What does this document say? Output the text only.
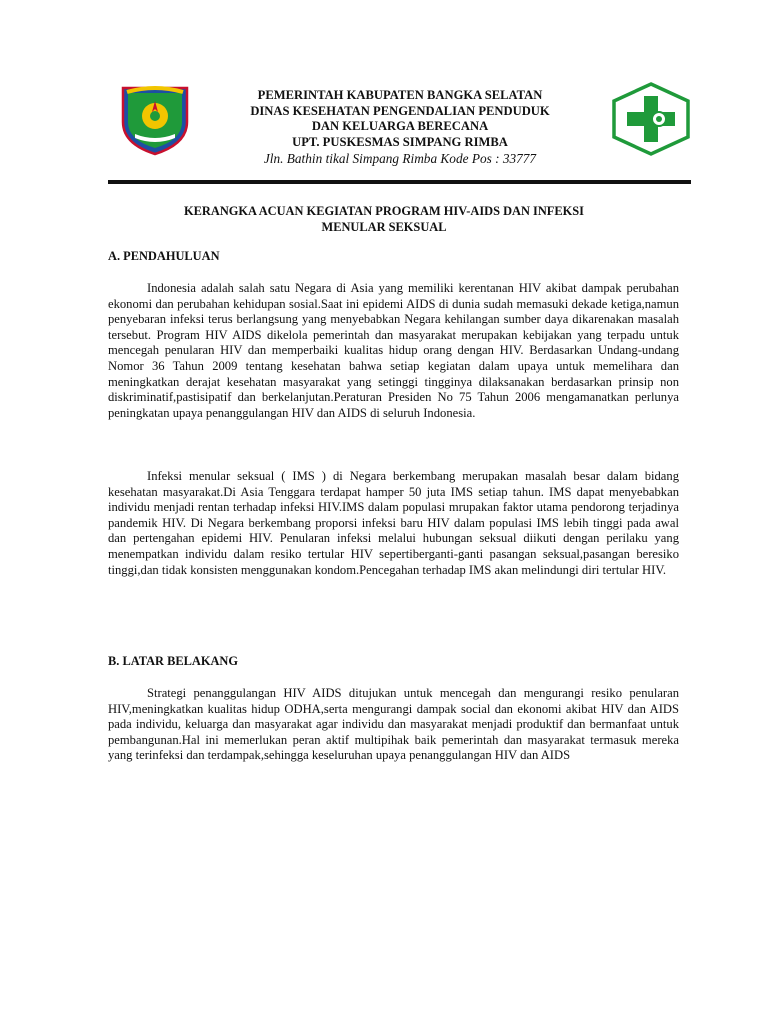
PEMERINTAH KABUPATEN BANGKA SELATAN
DINAS KESEHATAN PENGENDALIAN PENDUDUK
DAN KELUARGA BERECANA
UPT. PUSKESMAS SIMPANG RIMBA
Jln. Bathin tikal Simpang Rimba Kode Pos : 33777
KERANGKA ACUAN KEGIATAN PROGRAM HIV-AIDS DAN INFEKSI
MENULAR SEKSUAL
A. PENDAHULUAN

Indonesia adalah salah satu Negara di Asia yang memiliki kerentanan HIV akibat dampak perubahan ekonomi dan perubahan kehidupan sosial.Saat ini epidemi AIDS di dunia sudah memasuki dekade ketiga,namun penyebaran infeksi terus berlangsung yang menyebabkan Negara kehilangan sumber daya dikarenakan masalah tersebut. Program HIV AIDS dikelola pemerintah dan masyarakat merupakan kebijakan yang terpadu untuk mencegah penularan HIV dan memperbaiki kualitas hidup orang dengan HIV. Berdasarkan Undang-undang Nomor 36 Tahun 2009 tentang kesehatan bahwa setiap kegiatan dalam upaya untuk memelihara dan meningkatkan derajat kesehatan masyarakat yang setinggi tingginya dilaksanakan berdasarkan prinsip non diskriminatif,pastisipatif dan berkelanjutan.Peraturan Presiden No 75 Tahun 2006 mengamanatkan perlunya peningkatan upaya penanggulangan HIV dan AIDS di seluruh Indonesia.

Infeksi menular seksual ( IMS ) di Negara berkembang merupakan masalah besar dalam bidang kesehatan masyarakat.Di Asia Tenggara terdapat hamper 50 juta IMS setiap tahun. IMS dapat menyebabkan individu menjadi rentan terhadap infeksi HIV.IMS dalam populasi mrupakan faktor utama pendorong terjadinya pandemik HIV. Di Negara berkembang proporsi infeksi baru HIV dalam populasi IMS lebih tinggi pada awal dan pertengahan epidemi HIV. Penularan infeksi melalui hubungan seksual diikuti dengan perilaku yang menempatkan individu dalam resiko tertular HIV sepertiberganti-ganti pasangan seksual,pasangan beresiko tinggi,dan tidak konsisten menggunakan kondom.Pencegahan terhadap IMS akan melindungi diri tertular HIV.

B. LATAR BELAKANG

Strategi penanggulangan HIV AIDS ditujukan untuk mencegah dan mengurangi resiko penularan HIV,meningkatkan kualitas hidup ODHA,serta mengurangi dampak social dan ekonomi akibat HIV dan AIDS pada individu, keluarga dan masyarakat agar individu dan masyarakat menjadi produktif dan bermanfaat untuk pembangunan.Hal ini memerlukan peran aktif multipihak baik pemerintah dan masyarakat termasuk mereka yang terinfeksi dan terdampak,sehingga keseluruhan upaya penanggulangan HIV dan AIDS
